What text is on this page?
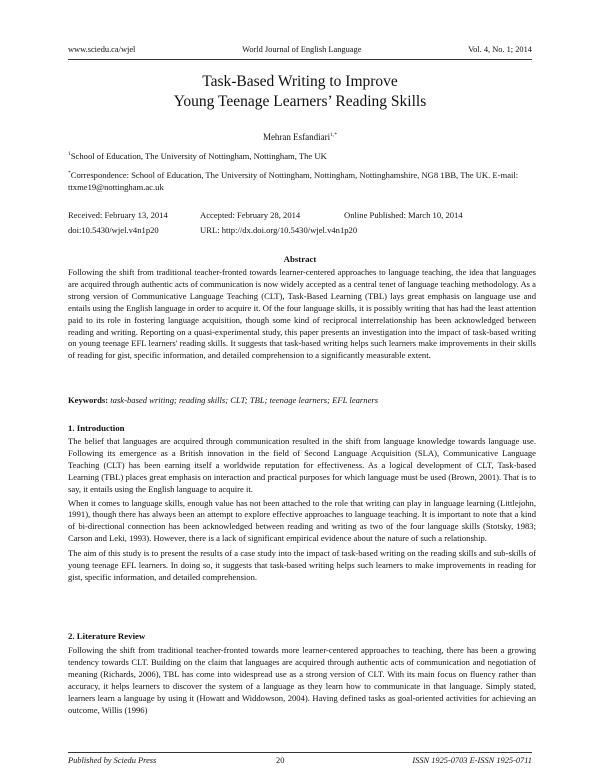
www.sciedu.ca/wjel	World Journal of English Language	Vol. 4, No. 1; 2014
Task-Based Writing to Improve
Young Teenage Learners’ Reading Skills
Mehran Esfandiari$^{1,*}$
$^1$School of Education, The University of Nottingham, Nottingham, The UK
*Correspondence: School of Education, The University of Nottingham, Nottingham, Nottinghamshire, NG8 1BB, The UK. E-mail: ttxme19@nottingham.ac.uk
Received: February 13, 2014	Accepted: February 28, 2014	Online Published: March 10, 2014
doi:10.5430/wjel.v4n1p20	URL: http://dx.doi.org/10.5430/wjel.v4n1p20
Abstract

Following the shift from traditional teacher-fronted towards learner-centered approaches to language teaching, the idea that languages are acquired through authentic acts of communication is now widely accepted as a central tenet of language teaching methodology. As a strong version of Communicative Language Teaching (CLT), Task-Based Learning (TBL) lays great emphasis on language use and entails using the English language in order to acquire it. Of the four language skills, it is possibly writing that has had the least attention paid to its role in fostering language acquisition, though some kind of reciprocal interrelationship has been acknowledged between reading and writing. Reporting on a quasi-experimental study, this paper presents an investigation into the impact of task-based writing on young teenage EFL learners' reading skills. It suggests that task-based writing helps such learners make improvements in their skills of reading for gist, specific information, and detailed comprehension to a significantly measurable extent.

Keywords: task-based writing; reading skills; CLT; TBL; teenage learners; EFL learners
1. Introduction

The belief that languages are acquired through communication resulted in the shift from language knowledge towards language use. Following its emergence as a British innovation in the field of Second Language Acquisition (SLA), Communicative Language Teaching (CLT) has been earning itself a worldwide reputation for effectiveness. As a logical development of CLT, Task-based Learning (TBL) places great emphasis on interaction and practical purposes for which language must be used (Brown, 2001). That is to say, it entails using the English language to acquire it.

When it comes to language skills, enough value has not been attached to the role that writing can play in language learning (Littlejohn, 1991), though there has always been an attempt to explore effective approaches to language teaching. It is important to note that a kind of bi-directional connection has been acknowledged between reading and writing as two of the four language skills (Stotsky, 1983; Carson and Leki, 1993). However, there is a lack of significant empirical evidence about the nature of such a relationship.

The aim of this study is to present the results of a case study into the impact of task-based writing on the reading skills and sub-skills of young teenage EFL learners. In doing so, it suggests that task-based writing helps such learners to make improvements in reading for gist, specific information, and detailed comprehension.

2. Literature Review

Following the shift from traditional teacher-fronted towards more learner-centered approaches to teaching, there has been a growing tendency towards CLT. Building on the claim that languages are acquired through authentic acts of communication and negotiation of meaning (Richards, 2006), TBL has come into widespread use as a strong version of CLT. With its main focus on fluency rather than accuracy, it helps learners to discover the system of a language as they learn how to communicate in that language. Simply stated, learners learn a language by using it (Howatt and Widdowson, 2004). Having defined tasks as goal-oriented activities for achieving an outcome, Willis (1996)

Published by Sciedu Press	20	ISSN 1925-0703 E-ISSN 1925-0711
